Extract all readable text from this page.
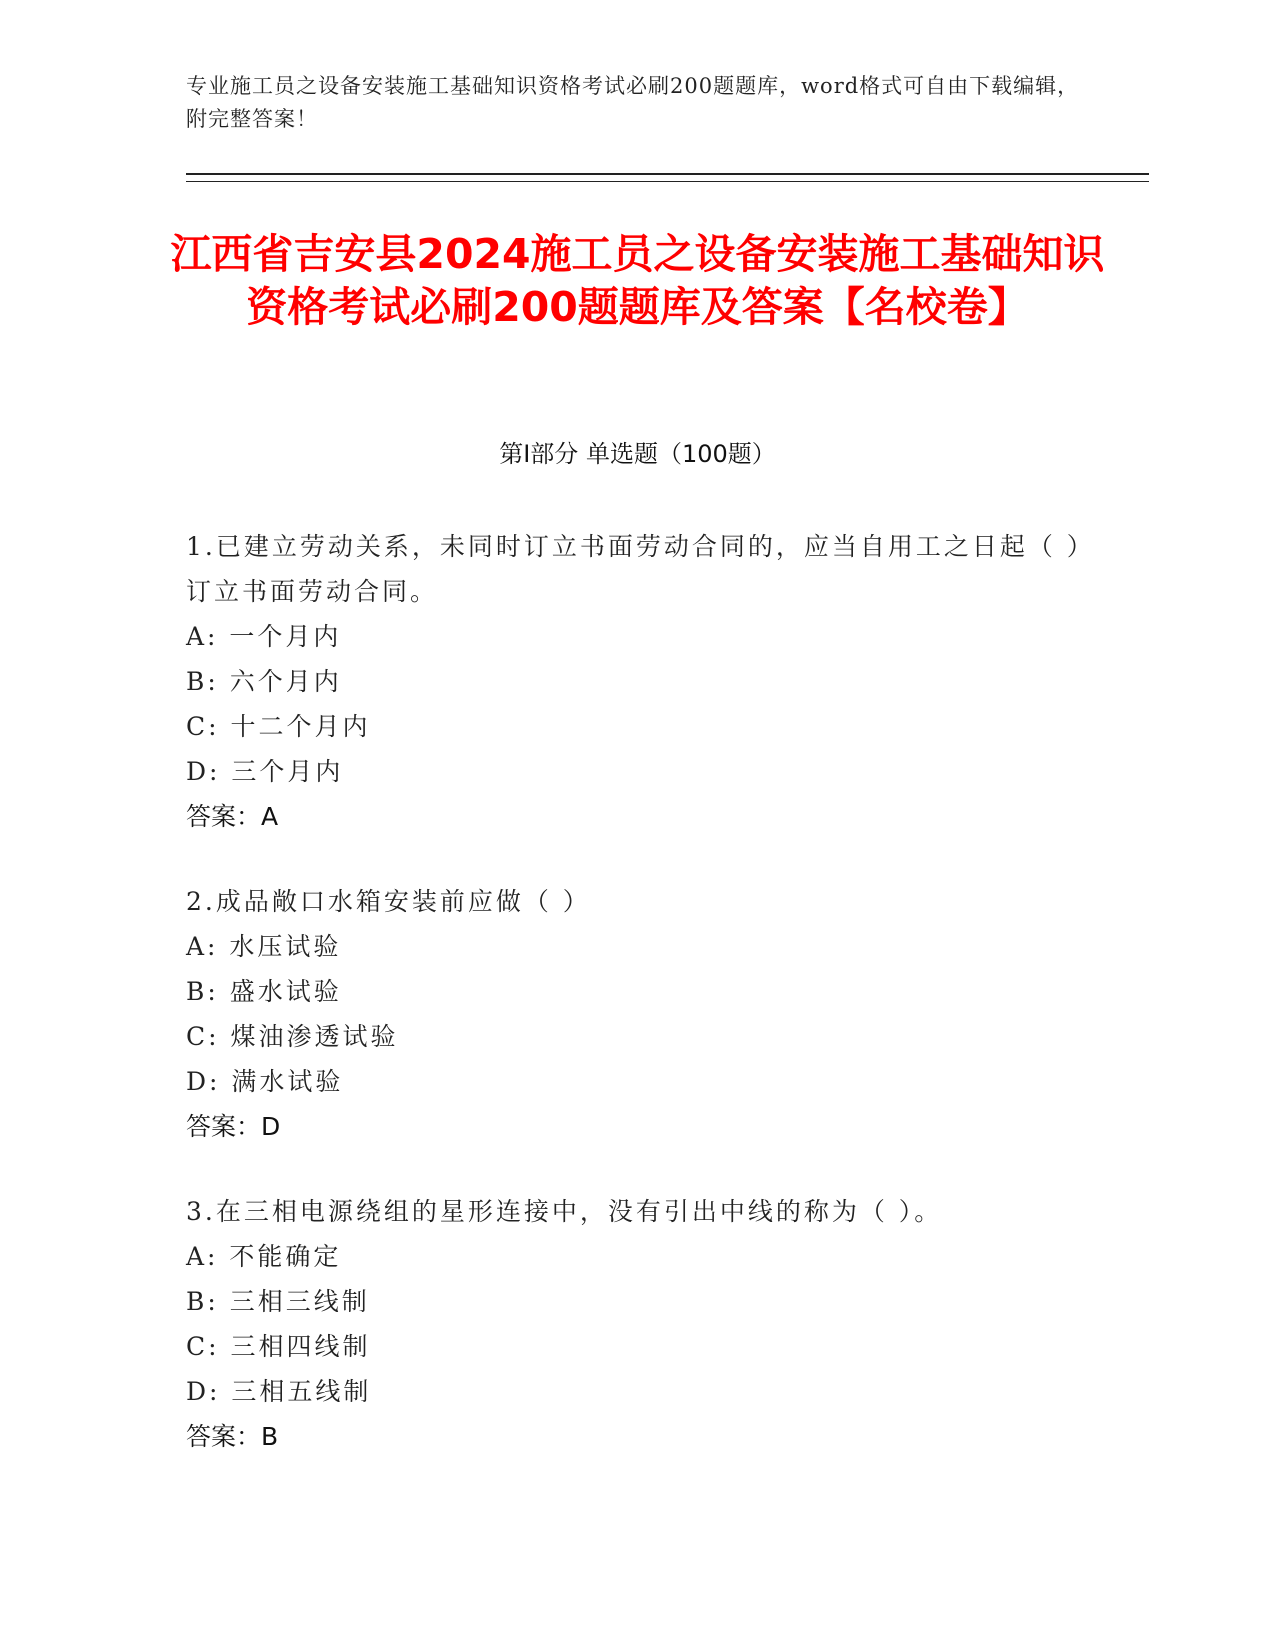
专业施工员之设备安装施工基础知识资格考试必刷200题题库，word格式可自由下载编辑，附完整答案！
江西省吉安县2024施工员之设备安装施工基础知识资格考试必刷200题题库及答案【名校卷】
第Ⅰ部分 单选题（100题）
1.已建立劳动关系，未同时订立书面劳动合同的，应当自用工之日起（ ）订立书面劳动合同。
A: 一个月内
B: 六个月内
C: 十二个月内
D: 三个月内
答案：A
2.成品敞口水箱安装前应做（ ）
A: 水压试验
B: 盛水试验
C: 煤油渗透试验
D: 满水试验
答案：D
3.在三相电源绕组的星形连接中，没有引出中线的称为（ ）。
A: 不能确定
B: 三相三线制
C: 三相四线制
D: 三相五线制
答案：B
